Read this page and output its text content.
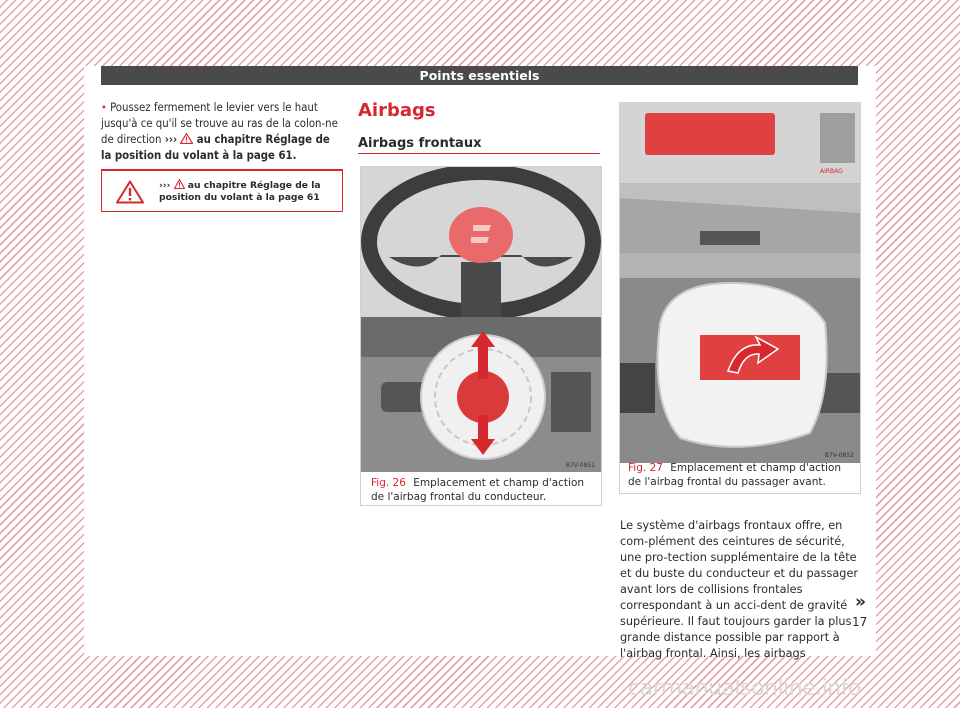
Points essentiels
• Poussez fermement le levier vers le haut jusqu'à ce qu'il se trouve au ras de la colon-ne de direction ››› au chapitre Réglage de la position du volant à la page 61.
››› au chapitre Réglage de la position du volant à la page 61
Airbags
Airbags frontaux
B7V-0851
Fig. 26 Emplacement et champ d'action de l'airbag frontal du conducteur.
AIRBAG
B7V-0852
Fig. 27 Emplacement et champ d'action de l'airbag frontal du passager avant.
Le système d'airbags frontaux offre, en com-plément des ceintures de sécurité, une pro-tection supplémentaire de la tête et du buste du conducteur et du passager avant lors de collisions frontales correspondant à un acci-dent de gravité supérieure. Il faut toujours garder la plus grande distance possible par rapport à l'airbag frontal. Ainsi, les airbags
»
17
carmanualsonline.info
